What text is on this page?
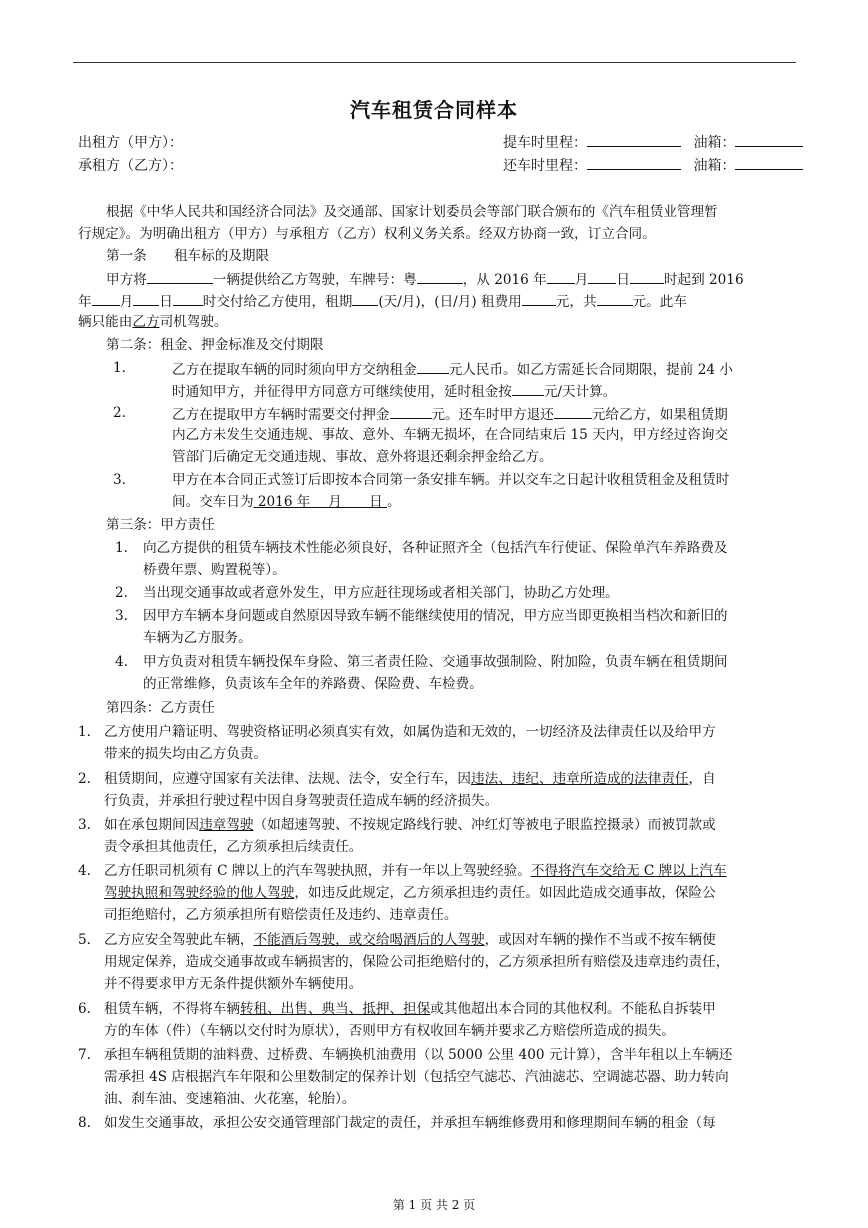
汽车租赁合同样本
出租方（甲方）：
承租方（乙方）：
提车时里程：	油箱：
还车时里程：	油箱：
根据《中华人民共和国经济合同法》及交通部、国家计划委员会等部门联合颁布的《汽车租赁业管理暂
行规定》。为明确出租方（甲方）与承租方（乙方）权利义务关系。经双方协商一致，订立合同。
第一条　　租车标的及期限
甲方将	一辆提供给乙方驾驶，车牌号：粤	，从 2016 年 月 日	时起到 2016
年 月 日 时交付给乙方使用，租期 (天/月)，(日/月) 租费用	元，共	元。此车
辆只能由乙方司机驾驶。
第二条：租金、押金标准及交付期限
1.	乙方在提取车辆的同时须向甲方交纳租金 元人民币。如乙方需延长合同期限，提前 24 小
时通知甲方，并征得甲方同意方可继续使用，延时租金按 元/天计算。
2.	乙方在提取甲方车辆时需要交付押金	元。还车时甲方退还	元给乙方，如果租赁期
内乙方未发生交通违规、事故、意外、车辆无损坏，在合同结束后 15 天内，甲方经过咨询交
管部门后确定无交通违规、事故、意外将退还剩余押金给乙方。
3.	甲方在本合同正式签订后即按本合同第一条安排车辆。并以交车之日起计收租赁租金及租赁时
间。交车日为 2016 年　 月　　日 。
第三条：甲方责任
1. 向乙方提供的租赁车辆技术性能必须良好，各种证照齐全（包括汽车行使证、保险单汽车养路费及
桥费年票、购置税等）。
2. 当出现交通事故或者意外发生，甲方应赶往现场或者相关部门，协助乙方处理。
3. 因甲方车辆本身问题或自然原因导致车辆不能继续使用的情况，甲方应当即更换相当档次和新旧的
车辆为乙方服务。
4. 甲方负责对租赁车辆投保车身险、第三者责任险、交通事故强制险、附加险，负责车辆在租赁期间
的正常维修，负责该车全年的养路费、保险费、车检费。
第四条：乙方责任
1. 乙方使用户籍证明、驾驶资格证明必须真实有效，如属伪造和无效的，一切经济及法律责任以及给甲方
带来的损失均由乙方负责。
2. 租赁期间，应遵守国家有关法律、法规、法令，安全行车，因违法、违纪、违章所造成的法律责任，自
行负责，并承担行驶过程中因自身驾驶责任造成车辆的经济损失。
3. 如在承包期间因违章驾驶（如超速驾驶、不按规定路线行驶、冲红灯等被电子眼监控摄录）而被罚款或
责令承担其他责任，乙方须承担后续责任。
4. 乙方任职司机须有 C 牌以上的汽车驾驶执照，并有一年以上驾驶经验。不得将汽车交给无 C 牌以上汽车
驾驶执照和驾驶经验的他人驾驶，如违反此规定，乙方须承担违约责任。如因此造成交通事故，保险公
司拒绝赔付，乙方须承担所有赔偿责任及违约、违章责任。
5. 乙方应安全驾驶此车辆，不能酒后驾驶，或交给喝酒后的人驾驶，或因对车辆的操作不当或不按车辆使
用规定保养，造成交通事故或车辆损害的，保险公司拒绝赔付的，乙方须承担所有赔偿及违章违约责任，
并不得要求甲方无条件提供额外车辆使用。
6. 租赁车辆，不得将车辆转租、出售、典当、抵押、担保或其他超出本合同的其他权利。不能私自拆装甲
方的车体（件）（车辆以交付时为原状），否则甲方有权收回车辆并要求乙方赔偿所造成的损失。
7. 承担车辆租赁期的油料费、过桥费、车辆换机油费用（以 5000 公里 400 元计算），含半年租以上车辆还
需承担 4S 店根据汽车年限和公里数制定的保养计划（包括空气滤芯、汽油滤芯、空调滤芯器、助力转向
油、刹车油、变速箱油、火花塞，轮胎）。
8. 如发生交通事故，承担公安交通管理部门裁定的责任，并承担车辆维修费用和修理期间车辆的租金（每
第 1 页 共 2 页
